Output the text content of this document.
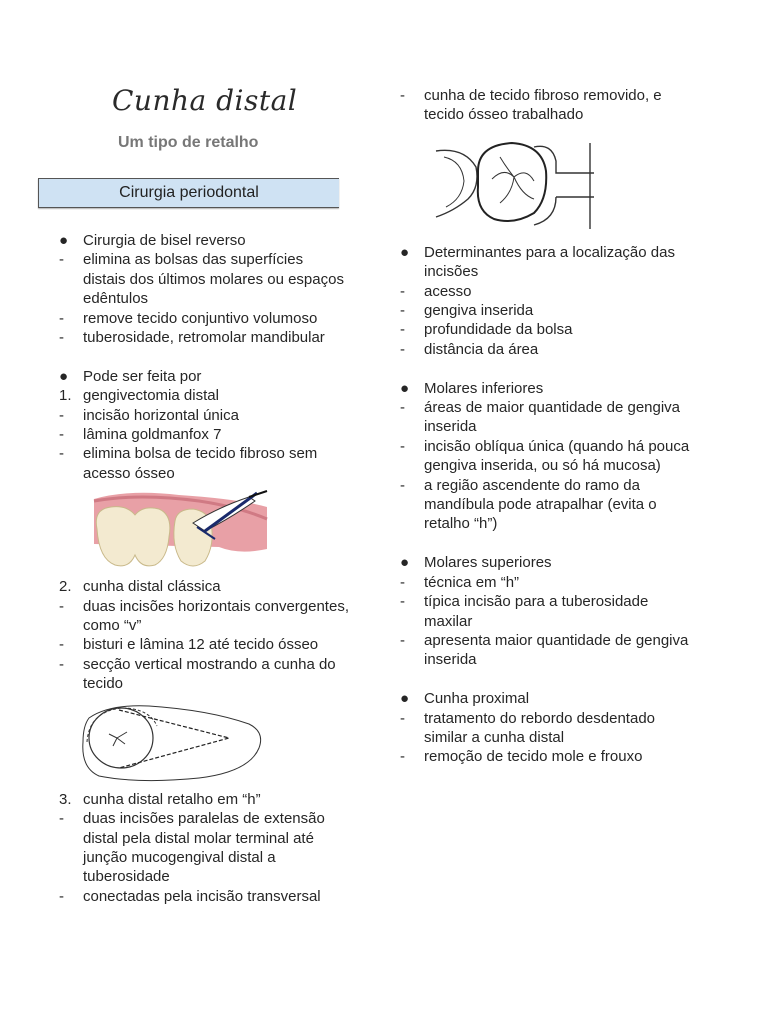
Cunha distal
Um tipo de retalho
Cirurgia periodontal
● Cirurgia de bisel reverso
-	elimina as bolsas das superfícies distais dos últimos molares ou espaços edêntulos
-	remove tecido conjuntivo volumoso
-	tuberosidade, retromolar mandibular
● Pode ser feita por
1. gengivectomia distal
-	incisão horizontal única
-	lâmina goldmanfox 7
-	elimina bolsa de tecido fibroso sem acesso ósseo
2. cunha distal clássica
-	duas incisões horizontais convergentes, como “v”
-	bisturi e lâmina 12 até tecido ósseo
-	secção vertical mostrando a cunha do tecido
3. cunha distal retalho em “h”
-	duas incisões paralelas de extensão distal pela distal molar terminal até junção mucogengival distal a tuberosidade
-	conectadas pela incisão transversal
-	cunha de tecido fibroso removido, e tecido ósseo trabalhado
● Determinantes para a localização das incisões
-	acesso
-	gengiva inserida
-	profundidade da bolsa
-	distância da área
● Molares inferiores
-	áreas de maior quantidade de gengiva inserida
-	incisão oblíqua única (quando há pouca gengiva inserida, ou só há mucosa)
-	a região ascendente do ramo da mandíbula pode atrapalhar (evita o retalho “h”)
● Molares superiores
-	técnica em “h”
-	típica incisão para a tuberosidade maxilar
-	apresenta maior quantidade de gengiva inserida
● Cunha proximal
-	tratamento do rebordo desdentado similar a cunha distal
-	remoção de tecido mole e frouxo
